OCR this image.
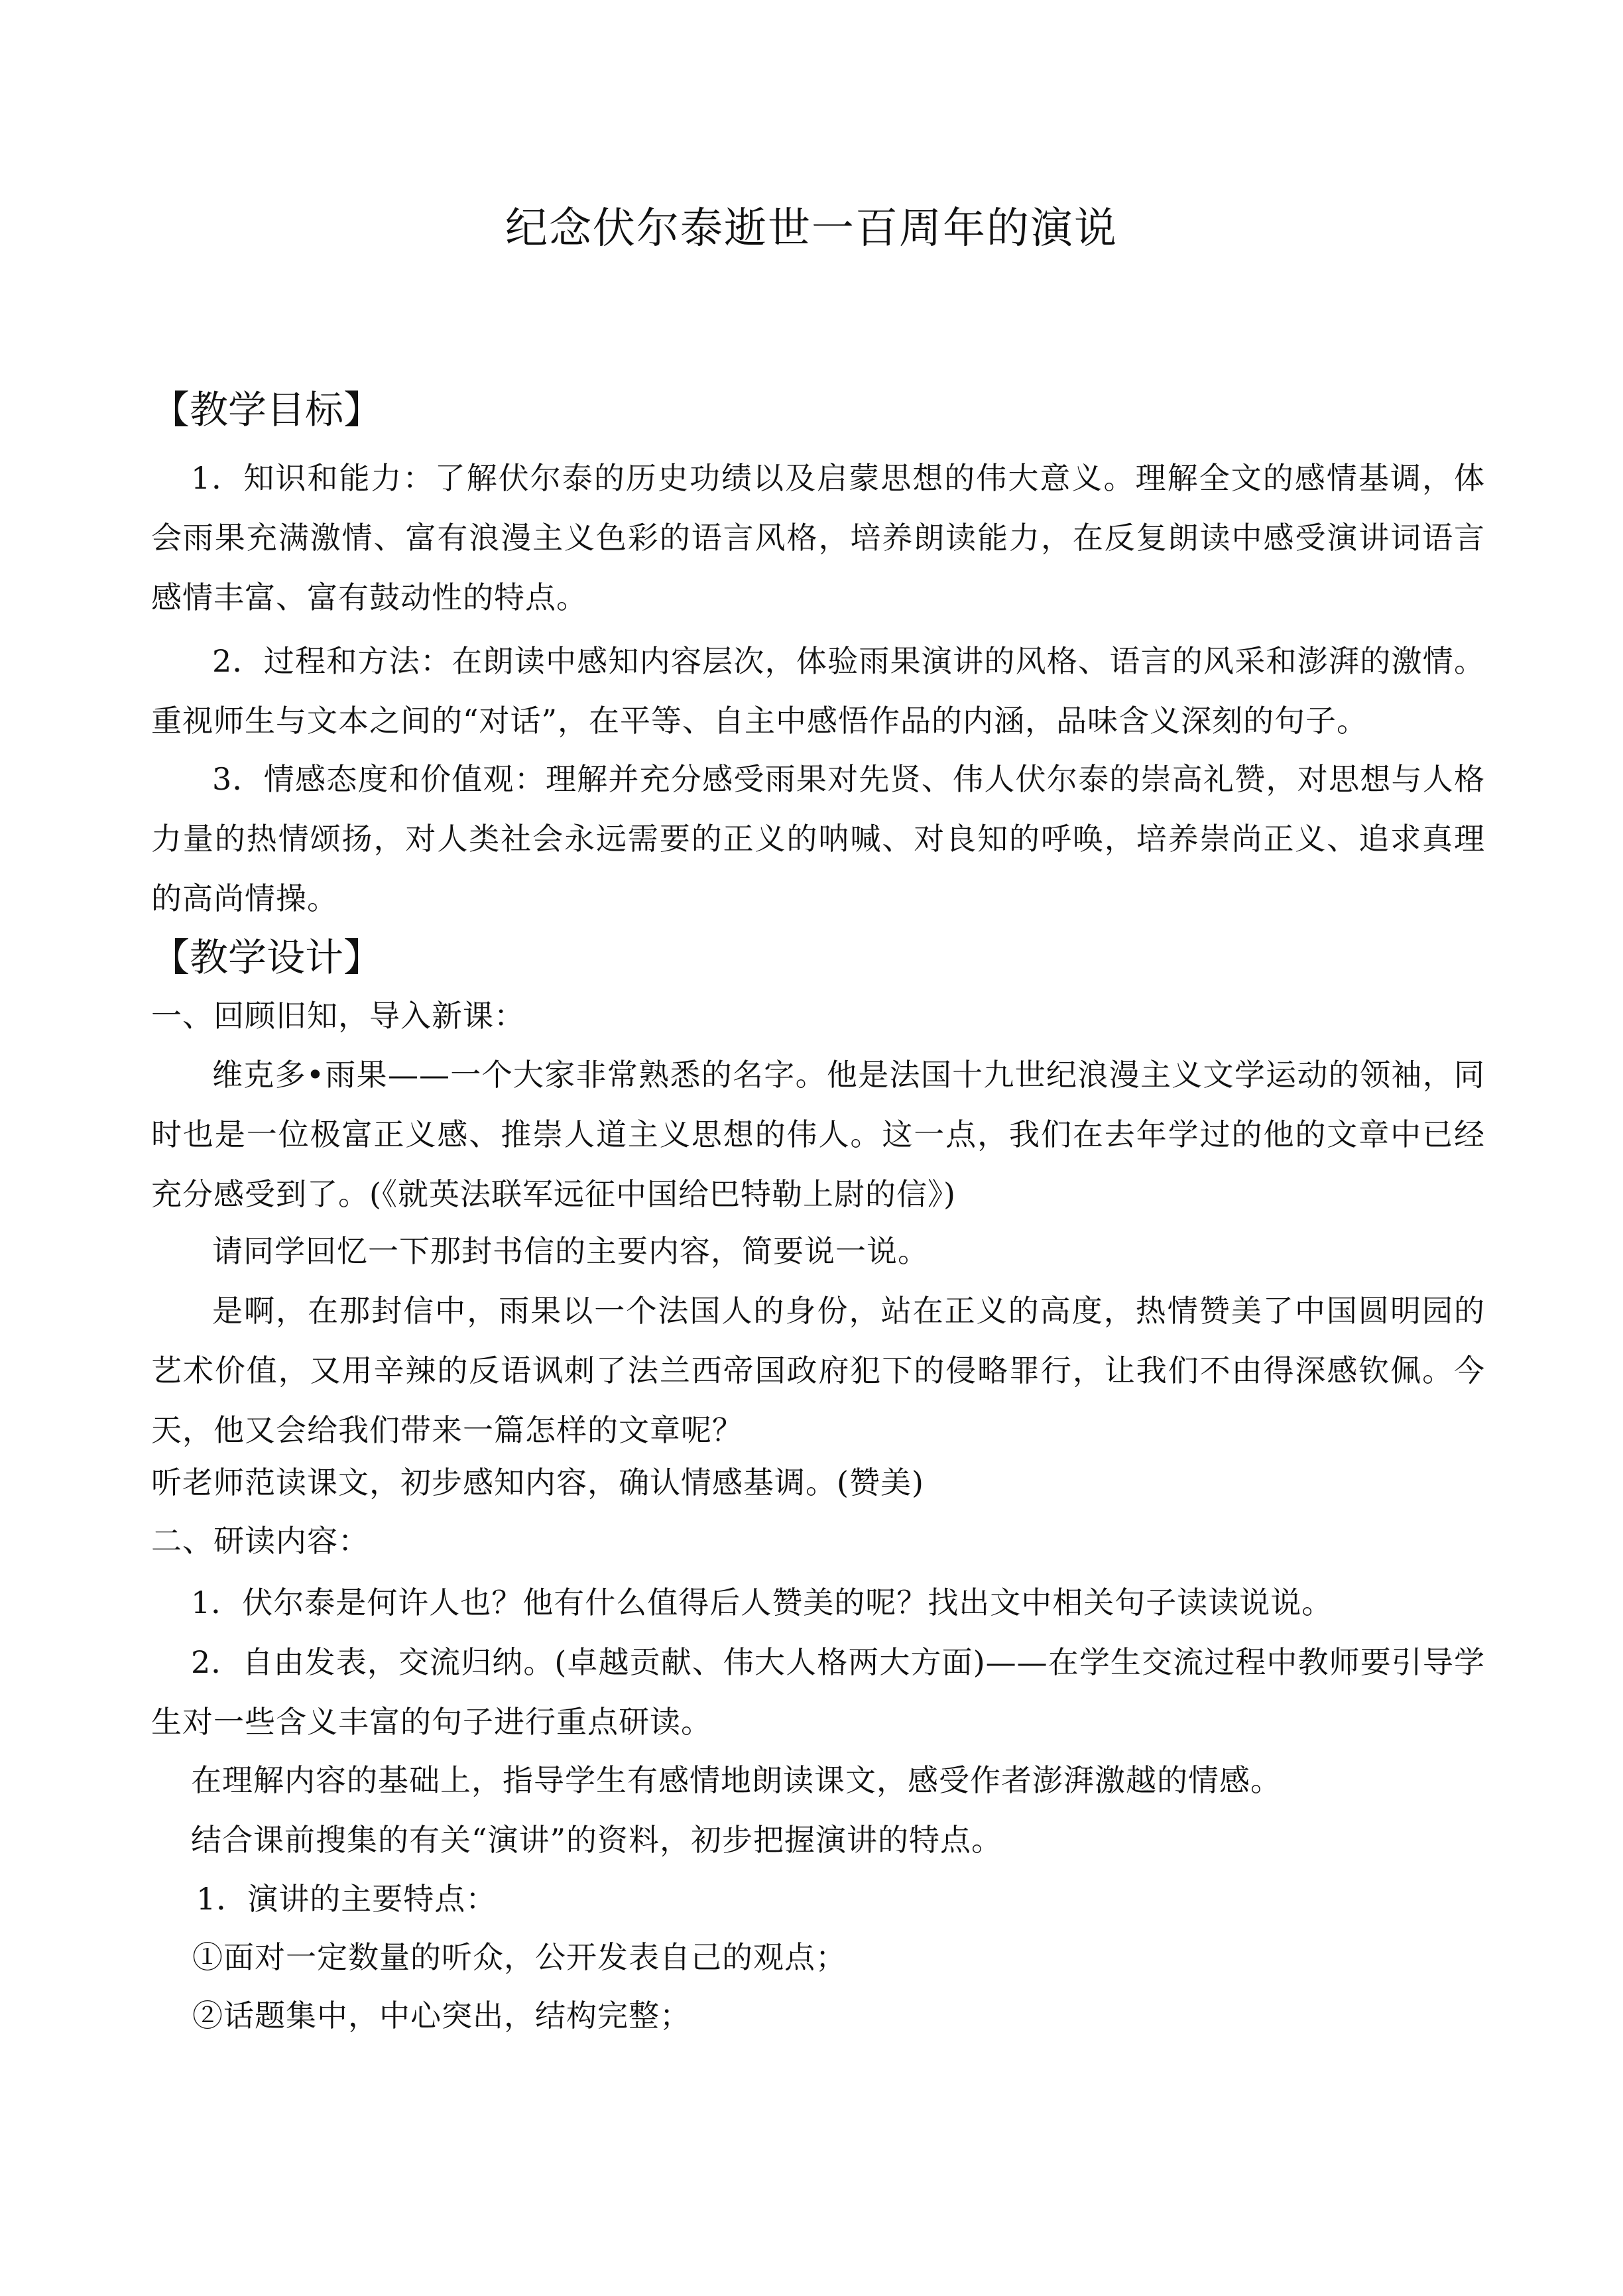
纪念伏尔泰逝世一百周年的演说
【教学目标】

1．知识和能力：了解伏尔泰的历史功绩以及启蒙思想的伟大意义。理解全文的感情基调，体会雨果充满激情、富有浪漫主义色彩的语言风格，培养朗读能力，在反复朗读中感受演讲词语言感情丰富、富有鼓动性的特点。

2．过程和方法：在朗读中感知内容层次，体验雨果演讲的风格、语言的风采和澎湃的激情。重视师生与文本之间的“对话”，在平等、自主中感悟作品的内涵，品味含义深刻的句子。

3．情感态度和价值观：理解并充分感受雨果对先贤、伟人伏尔泰的崇高礼赞，对思想与人格力量的热情颂扬，对人类社会永远需要的正义的呐喊、对良知的呼唤，培养崇尚正义、追求真理的高尚情操。

【教学设计】

一、回顾旧知，导入新课：

维克多•雨果——一个大家非常熟悉的名字。他是法国十九世纪浪漫主义文学运动的领袖，同时也是一位极富正义感、推崇人道主义思想的伟人。这一点，我们在去年学过的他的文章中已经充分感受到了。(《就英法联军远征中国给巴特勒上尉的信》)

请同学回忆一下那封书信的主要内容，简要说一说。

是啊，在那封信中，雨果以一个法国人的身份，站在正义的高度，热情赞美了中国圆明园的艺术价值，又用辛辣的反语讽刺了法兰西帝国政府犯下的侵略罪行，让我们不由得深感钦佩。今天，他又会给我们带来一篇怎样的文章呢？

听老师范读课文，初步感知内容，确认情感基调。(赞美)

二、研读内容：

1．伏尔泰是何许人也？他有什么值得后人赞美的呢？找出文中相关句子读读说说。

2．自由发表，交流归纳。(卓越贡献、伟大人格两大方面)——在学生交流过程中教师要引导学生对一些含义丰富的句子进行重点研读。

在理解内容的基础上，指导学生有感情地朗读课文，感受作者澎湃激越的情感。

结合课前搜集的有关“演讲”的资料，初步把握演讲的特点。

1．演讲的主要特点：

①面对一定数量的听众，公开发表自己的观点；

②话题集中，中心突出，结构完整；
